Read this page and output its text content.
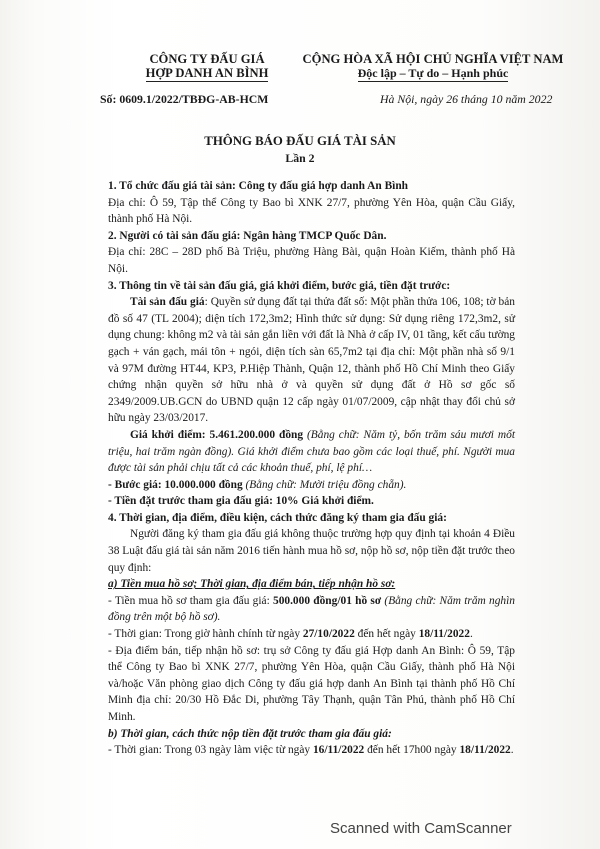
CÔNG TY ĐẤU GIÁ
HỢP DANH AN BÌNH
CỘNG HÒA XÃ HỘI CHỦ NGHĨA VIỆT NAM
Độc lập – Tự do – Hạnh phúc
Số: 0609.1/2022/TBĐG-AB-HCM	Hà Nội, ngày 26 tháng 10 năm 2022
THÔNG BÁO ĐẤU GIÁ TÀI SẢN
Lần 2

1. Tổ chức đấu giá tài sản: Công ty đấu giá hợp danh An Bình

Địa chỉ: Ô 59, Tập thể Công ty Bao bì XNK 27/7, phường Yên Hòa, quận Cầu Giấy, thành phố Hà Nội.

2. Người có tài sản đấu giá: Ngân hàng TMCP Quốc Dân.

Địa chỉ: 28C – 28D phố Bà Triệu, phường Hàng Bài, quận Hoàn Kiếm, thành phố Hà Nội.

3. Thông tin về tài sản đấu giá, giá khởi điểm, bước giá, tiền đặt trước:

Tài sản đấu giá: Quyền sử dụng đất tại thửa đất số: Một phần thửa 106, 108; tờ bản đồ số 47 (TL 2004); diện tích 172,3m2; Hình thức sử dụng: Sử dụng riêng 172,3m2, sử dụng chung: không m2 và tài sản gắn liền với đất là Nhà ở cấp IV, 01 tầng, kết cấu tường gạch + ván gạch, mái tôn + ngói, diện tích sàn 65,7m2 tại địa chỉ: Một phần nhà số 9/1 và 97M đường HT44, KP3, P.Hiệp Thành, Quận 12, thành phố Hồ Chí Minh theo Giấy chứng nhận quyền sở hữu nhà ở và quyền sử dụng đất ở Hồ sơ gốc số 2349/2009.UB.GCN do UBND quận 12 cấp ngày 01/07/2009, cập nhật thay đổi chủ sở hữu ngày 23/03/2017.

Giá khởi điểm: 5.461.200.000 đồng (Bằng chữ: Năm tỷ, bốn trăm sáu mươi mốt triệu, hai trăm ngàn đồng). Giá khởi điểm chưa bao gồm các loại thuế, phí. Người mua được tài sản phải chịu tất cả các khoản thuế, phí, lệ phí…

- Bước giá: 10.000.000 đồng (Bằng chữ: Mười triệu đồng chẵn).

- Tiền đặt trước tham gia đấu giá: 10% Giá khởi điểm.

4. Thời gian, địa điểm, điều kiện, cách thức đăng ký tham gia đấu giá:

Người đăng ký tham gia đấu giá không thuộc trường hợp quy định tại khoản 4 Điều 38 Luật đấu giá tài sản năm 2016 tiến hành mua hồ sơ, nộp hồ sơ, nộp tiền đặt trước theo quy định:

a) Tiền mua hồ sơ; Thời gian, địa điểm bán, tiếp nhận hồ sơ:

- Tiền mua hồ sơ tham gia đấu giá: 500.000 đồng/01 hồ sơ (Bằng chữ: Năm trăm nghìn đồng trên một bộ hồ sơ).

- Thời gian: Trong giờ hành chính từ ngày 27/10/2022 đến hết ngày 18/11/2022.

- Địa điểm bán, tiếp nhận hồ sơ: trụ sở Công ty đấu giá Hợp danh An Bình: Ô 59, Tập thể Công ty Bao bì XNK 27/7, phường Yên Hòa, quận Cầu Giấy, thành phố Hà Nội và/hoặc Văn phòng giao dịch Công ty đấu giá hợp danh An Bình tại thành phố Hồ Chí Minh địa chỉ: 20/30 Hồ Đắc Di, phường Tây Thạnh, quận Tân Phú, thành phố Hồ Chí Minh.

b) Thời gian, cách thức nộp tiền đặt trước tham gia đấu giá:

- Thời gian: Trong 03 ngày làm việc từ ngày 16/11/2022 đến hết 17h00 ngày 18/11/2022.

Scanned with CamScanner
